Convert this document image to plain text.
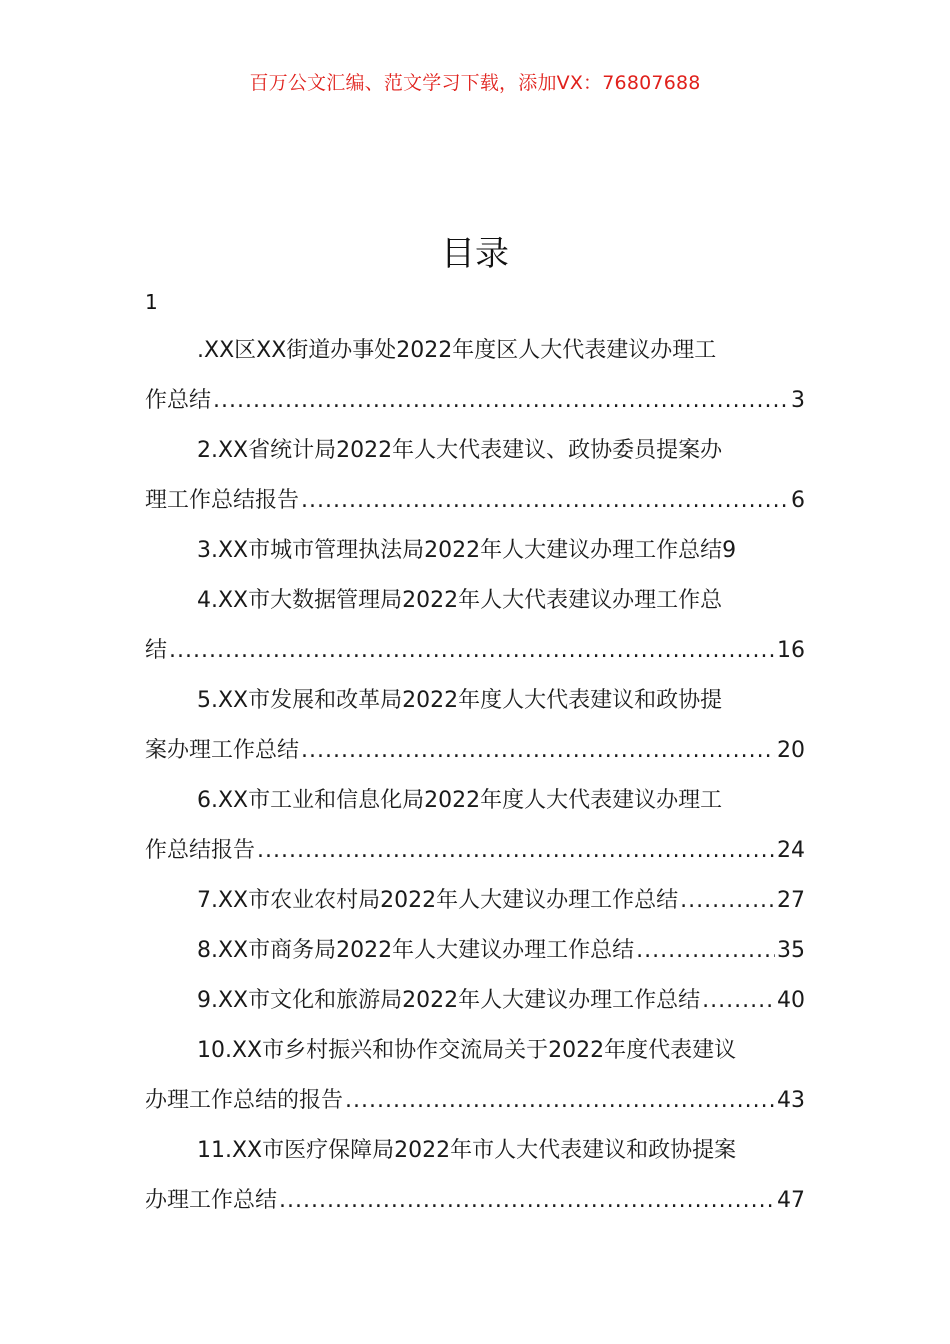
百万公文汇编、范文学习下载，添加VX：76807688
目录
1
.XX区XX街道办事处2022年度区人大代表建议办理工
作总结 .....	3
2.XX省统计局2022年人大代表建议、政协委员提案办
理工作总结报告 .....	6
3.XX市城市管理执法局2022年人大建议办理工作总结 9
4.XX市大数据管理局2022年人大代表建议办理工作总
结 .....	16
5.XX市发展和改革局2022年度人大代表建议和政协提
案办理工作总结 .....	20
6.XX市工业和信息化局2022年度人大代表建议办理工
作总结报告 .....	24
7.XX市农业农村局2022年人大建议办理工作总结 .....	27
8.XX市商务局2022年人大建议办理工作总结 .....	35
9.XX市文化和旅游局2022年人大建议办理工作总结 .....	40
10.XX市乡村振兴和协作交流局关于2022年度代表建议
办理工作总结的报告 .....	43
11.XX市医疗保障局2022年市人大代表建议和政协提案
办理工作总结 .....	47
